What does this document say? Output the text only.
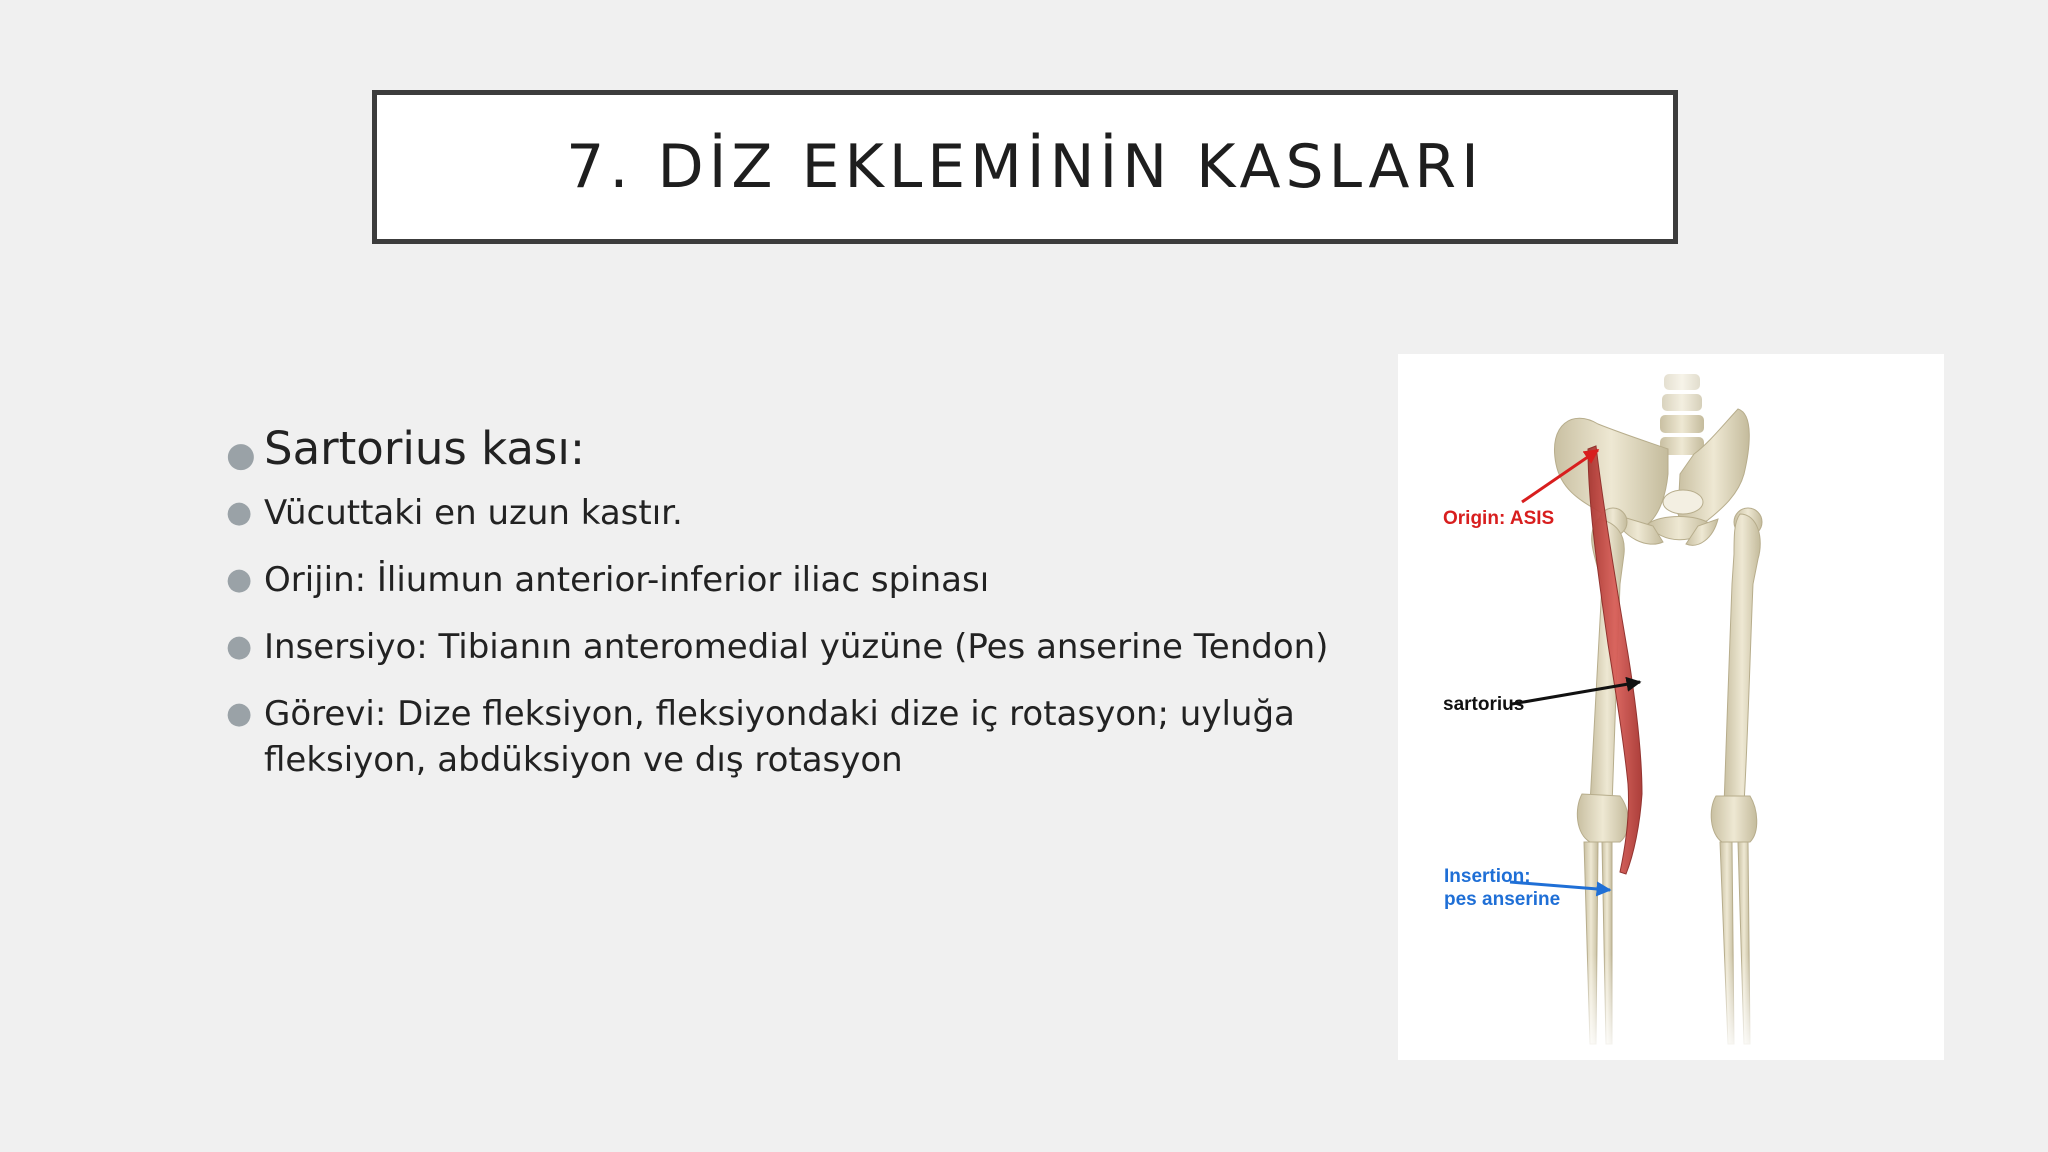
7. DİZ EKLEMİNİN KASLARI
● Sartorius kası:
● Vücuttaki en uzun kastır.
● Orijin: İliumun anterior-inferior iliac spinası
● Insersiyo: Tibianın anteromedial yüzüne (Pes anserine Tendon)
● Görevi: Dize fleksiyon, fleksiyondaki dize iç rotasyon; uyluğa fleksiyon, abdüksiyon ve dış rotasyon
Origin: ASIS
sartorius
Insertion:
pes anserine
